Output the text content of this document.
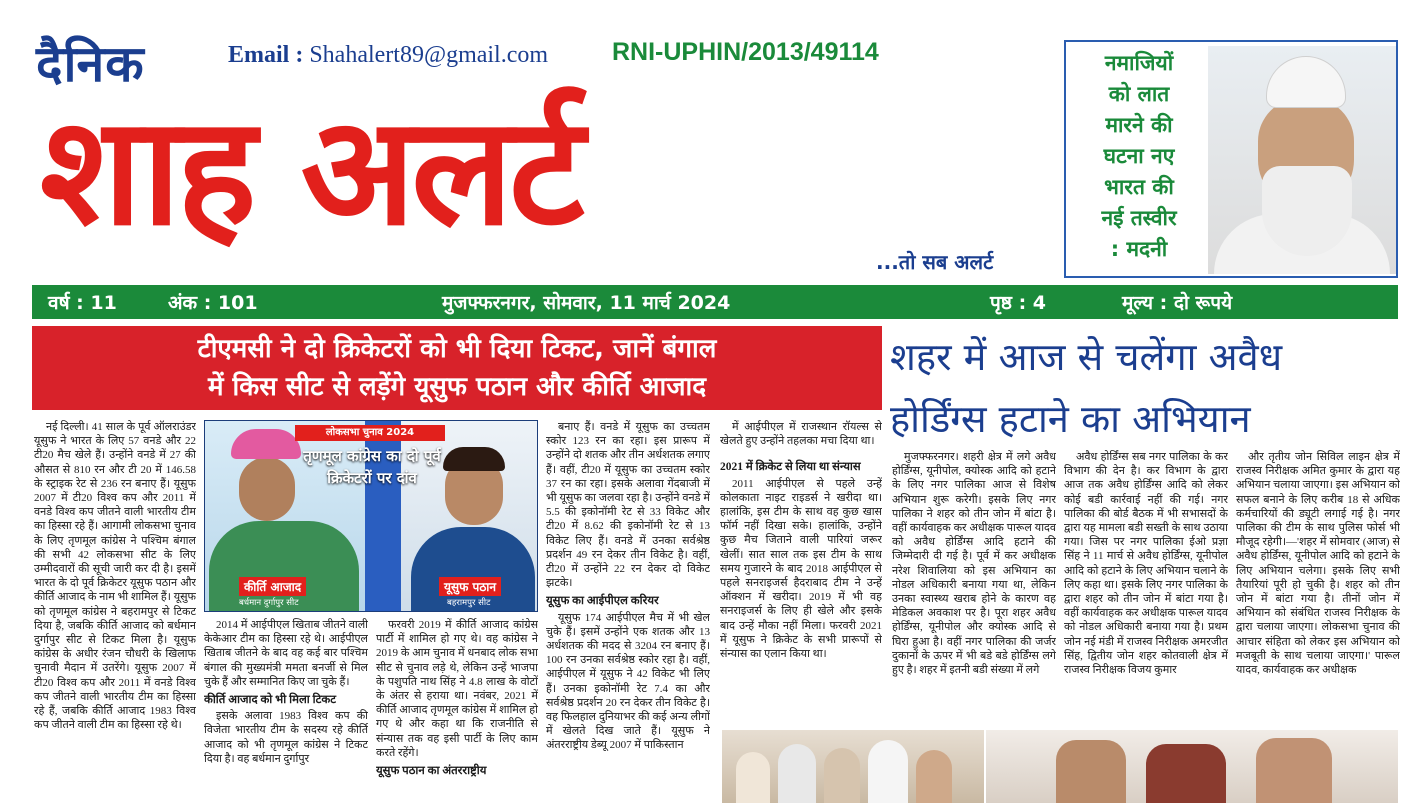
दैनिक	Email : Shahalert89@gmail.com	RNI-UPHIN/2013/49114
शाह अलर्ट
...तो सब अलर्ट
नमाजियों
को लात
मारने की
घटना नए
भारत की
नई तस्वीर
: मदनी
वर्ष : 11	अंक : 101	मुजफ्फरनगर, सोमवार, 11 मार्च 2024	पृष्ठ : 4	मूल्य : दो रूपये
टीएमसी ने दो क्रिकेटरों को भी दिया टिकट, जानें बंगाल
में किस सीट से लड़ेंगे यूसुफ पठान और कीर्ति आजाद
शहर में आज से चलेंगा अवैध
होर्डिंग्स हटाने का अभियान

नई दिल्ली। 41 साल के पूर्व ऑलराउंडर यूसुफ ने भारत के लिए 57 वनडे और 22 टी20 मैच खेले हैं। उन्होंने वनडे में 27 की औसत से 810 रन और टी 20 में 146.58 के स्ट्राइक रेट से 236 रन बनाए हैं। यूसुफ 2007 में टी20 विश्व कप और 2011 में वनडे विश्व कप जीतने वाली भारतीय टीम का हिस्सा रहे हैं। आगामी लोकसभा चुनाव के लिए तृणमूल कांग्रेस ने पश्चिम बंगाल की सभी 42 लोकसभा सीट के लिए उम्मीदवारों की सूची जारी कर दी है। इसमें भारत के दो पूर्व क्रिकेटर यूसुफ पठान और कीर्ति आजाद के नाम भी शामिल हैं। यूसुफ को तृणमूल कांग्रेस ने बहरामपुर से टिकट दिया है, जबकि कीर्ति आजाद को बर्धमान दुर्गापुर सीट से टिकट मिला है। यूसुफ कांग्रेस के अधीर रंजन चौधरी के खिलाफ चुनावी मैदान में उतरेंगे। यूसुफ 2007 में टी20 विश्व कप और 2011 में वनडे विश्व कप जीतने वाली भारतीय टीम का हिस्सा रहे हैं, जबकि कीर्ति आजाद 1983 विश्व कप जीतने वाली टीम का हिस्सा रहे थे।

लोकसभा चुनाव 2024
तृणमूल कांग्रेस का दो पूर्व क्रिकेटरों पर दांव
कीर्ति आजाद
बर्धमान दुर्गापुर सीट
यूसुफ पठान
बहरामपुर सीट

2014 में आईपीएल खिताब जीतने वाली केकेआर टीम का हिस्सा रहे थे। आईपीएल खिताब जीतने के बाद वह कई बार पश्चिम बंगाल की मुख्यमंत्री ममता बनर्जी से मिल चुके हैं और सम्मानित किए जा चुके हैं।

कीर्ति आजाद को भी मिला टिकट

इसके अलावा 1983 विश्व कप की विजेता भारतीय टीम के सदस्य रहे कीर्ति आजाद को भी तृणमूल कांग्रेस ने टिकट दिया है। वह बर्धमान दुर्गापुर

फरवरी 2019 में कीर्ति आजाद कांग्रेस पार्टी में शामिल हो गए थे। वह कांग्रेस ने 2019 के आम चुनाव में धनबाद लोक सभा सीट से चुनाव लड़े थे, लेकिन उन्हें भाजपा के पशुपति नाथ सिंह ने 4.8 लाख के वोटों के अंतर से हराया था। नवंबर, 2021 में कीर्ति आजाद तृणमूल कांग्रेस में शामिल हो गए थे और कहा था कि राजनीति से संन्यास तक वह इसी पार्टी के लिए काम करते रहेंगे।

यूसुफ पठान का अंतरराष्ट्रीय

बनाए हैं। वनडे में यूसुफ का उच्चतम स्कोर 123 रन का रहा। इस प्रारूप में उन्होंने दो शतक और तीन अर्धशतक लगाए हैं। वहीं, टी20 में यूसुफ का उच्चतम स्कोर 37 रन का रहा। इसके अलावा गेंदबाजी में भी यूसुफ का जलवा रहा है। उन्होंने वनडे में 5.5 की इकोनॉमी रेट से 33 विकेट और टी20 में 8.62 की इकोनॉमी रेट से 13 विकेट लिए हैं। वनडे में उनका सर्वश्रेष्ठ प्रदर्शन 49 रन देकर तीन विकेट है। वहीं, टी20 में उन्होंने 22 रन देकर दो विकेट झटके।

यूसुफ का आईपीएल करियर

यूसुफ 174 आईपीएल मैच में भी खेल चुके हैं। इसमें उन्होंने एक शतक और 13 अर्धशतक की मदद से 3204 रन बनाए हैं। 100 रन उनका सर्वश्रेष्ठ स्कोर रहा है। वहीं, आईपीएल में यूसुफ ने 42 विकेट भी लिए हैं। उनका इकोनॉमी रेट 7.4 का और सर्वश्रेष्ठ प्रदर्शन 20 रन देकर तीन विकेट है। वह फिलहाल दुनियाभर की कई अन्य लीगों में खेलते दिख जाते हैं। यूसुफ ने अंतरराष्ट्रीय डेब्यू 2007 में पाकिस्तान

में आईपीएल में राजस्थान रॉयल्स से खेलते हुए उन्होंने तहलका मचा दिया था।

2021 में क्रिकेट से लिया था संन्यास

2011 आईपीएल से पहले उन्हें कोलकाता नाइट राइडर्स ने खरीदा था। हालांकि, इस टीम के साथ वह कुछ खास फॉर्म नहीं दिखा सके। हालांकि, उन्होंने कुछ मैच जिताने वाली पारियां जरूर खेलीं। सात साल तक इस टीम के साथ समय गुजारने के बाद 2018 आईपीएल से पहले सनराइजर्स हैदराबाद टीम ने उन्हें ऑक्शन में खरीदा। 2019 में भी वह सनराइजर्स के लिए ही खेले और इसके बाद उन्हें मौका नहीं मिला। फरवरी 2021 में यूसुफ ने क्रिकेट के सभी प्रारूपों से संन्यास का एलान किया था।

मुजफ्फरनगर। शहरी क्षेत्र में लगे अवैध होर्डिंग्स, यूनीपोल, क्योस्क आदि को हटाने के लिए नगर पालिका आज से विशेष अभियान शुरू करेगी। इसके लिए नगर पालिका ने शहर को तीन जोन में बांटा है। वहीं कार्यवाहक कर अधीक्षक पारूल यादव को अवैध होर्डिंग्स आदि हटाने की जिम्मेदारी दी गई है। पूर्व में कर अधीक्षक नरेश शिवालिया को इस अभियान का नोडल अधिकारी बनाया गया था, लेकिन उनका स्वास्थ्य खराब होने के कारण वह मेडिकल अवकाश पर है। पूरा शहर अवैध होर्डिंग्स, यूनीपोल और क्योस्क आदि से घिरा हुआ है। वहीं नगर पालिका की जर्जर दुकानों के ऊपर में भी बडे बडे होर्डिंग्स लगे हुए है। शहर में इतनी बडी संख्या में लगे

अवैध होर्डिंग्स सब नगर पालिका के कर विभाग की देन है। कर विभाग के द्वारा आज तक अवैध होर्डिंग्स आदि को लेकर कोई बडी कार्रवाई नहीं की गई। नगर पालिका की बोर्ड बैठक में भी सभासदों के द्वारा यह मामला बडी सख्ती के साथ उठाया गया। जिस पर नगर पालिका ईओ प्रज्ञा सिंह ने 11 मार्च से अवैध होर्डिंग्स, यूनीपोल आदि को हटाने के लिए अभियान चलाने के लिए कहा था। इसके लिए नगर पालिका के द्वारा शहर को तीन जोन में बांटा गया है। वहीं कार्यवाहक कर अधीक्षक पारूल यादव को नोडल अधिकारी बनाया गया है। प्रथम जोन नई मंडी में राजस्व निरीक्षक अमरजीत सिंह, द्वितीय जोन शहर कोतवाली क्षेत्र में राजस्व निरीक्षक विजय कुमार

और तृतीय जोन सिविल लाइन क्षेत्र में राजस्व निरीक्षक अमित कुमार के द्वारा यह अभियान चलाया जाएगा। इस अभियान को सफल बनाने के लिए करीब 18 से अधिक कर्मचारियों की ड्यूटी लगाई गई है। नगर पालिका की टीम के साथ पुलिस फोर्स भी मौजूद रहेगी।—'शहर में सोमवार (आज) से अवैध होर्डिंग्स, यूनीपोल आदि को हटाने के लिए अभियान चलेगा। इसके लिए सभी तैयारियां पूरी हो चुकी है। शहर को तीन जोन में बांटा गया है। तीनों जोन में अभियान को संबंधित राजस्व निरीक्षक के द्वारा चलाया जाएगा। लोकसभा चुनाव की आचार संहिता को लेकर इस अभियान को मजबूती के साथ चलाया जाएगा।' पारूल यादव, कार्यवाहक कर अधीक्षक
